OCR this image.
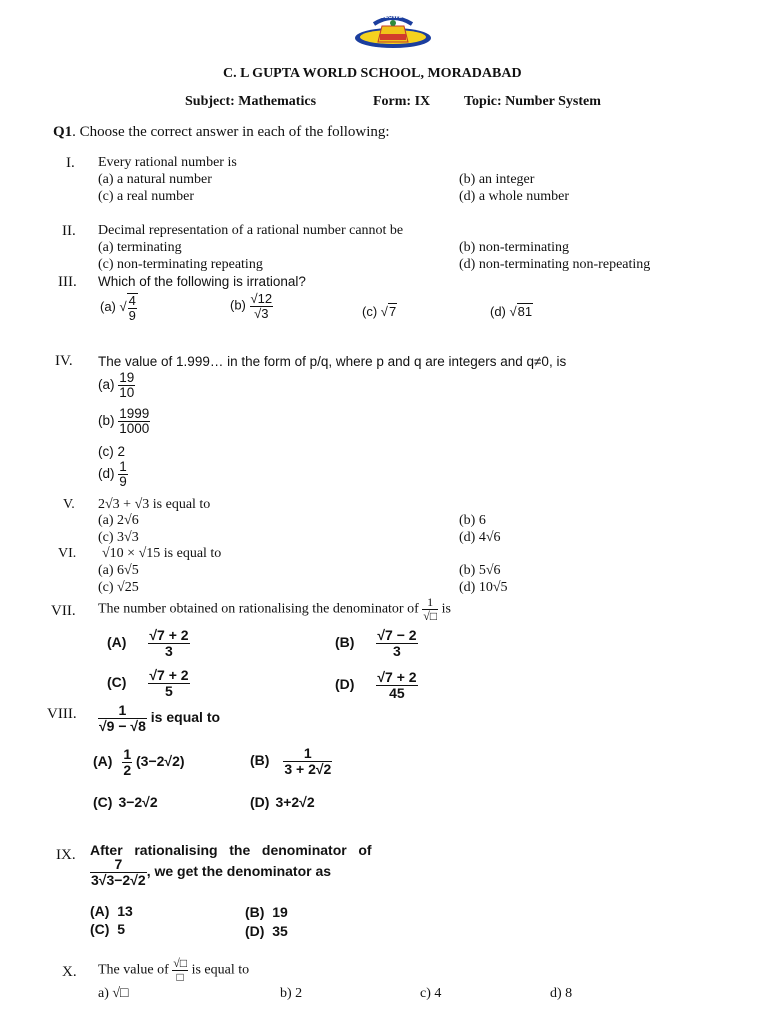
CLGWS
C. L GUPTA WORLD SCHOOL, MORADABAD
Subject: Mathematics	Form: IX Topic: Number System
Q1. Choose the correct answer in each of the following:
I. Every rational number is
(a) a natural number	(b) an integer
(c) a real number	(d) a whole number
II. Decimal representation of a rational number cannot be
(a) terminating	(b) non-terminating
(c) non-terminating repeating	(d) non-terminating non-repeating
III. Which of the following is irrational?
(a) √ $\frac{4}{9}$	$(b) \frac{√12}{√3}$	(c) √7	(d) √81
IV. The value of 1.999… in the form of p/q, where p and q are integers and q≠0, is
$(a) \frac{19}{10}$
$(b) \frac{1999}{1000}$
(c) 2
$(d) \frac{1}{9}$
V. 2√3 + √3 is equal to
(a) 2√6	(b) 6
(c) 3√3	(d) 4√6
VI. √10 × √15 is equal to
(a) 6√5	(b) 5√6
(c) √25	(d) 10√5
VII. The number obtained on rationalising the denominator of $\frac{1}{√□}$ is
$(A) \frac{√7 + 2}{3}$	$(B) \frac{√7 - 2}{3}$
$(C) \frac{√7 + 2}{5}$	$(D) \frac{√7 + 2}{45}$
VIII. $\frac{1}{√9 - √8}$ is equal to
$(A) \frac{1}{2} (3-2√2)$	$(B) \frac{1}{3 + 2√2}$
(C) 3−2√2	(D) 3+2√2
IX. After   rationalising   the   denominator   of
$\frac{7}{3√3-2√2}$ , we get the denominator as
(A)  13	(B)  19
(C)  5	(D)  35
X. The value of $\frac{√□}{□}$ is equal to
a) √□	b) 2	c) 4	d) 8
